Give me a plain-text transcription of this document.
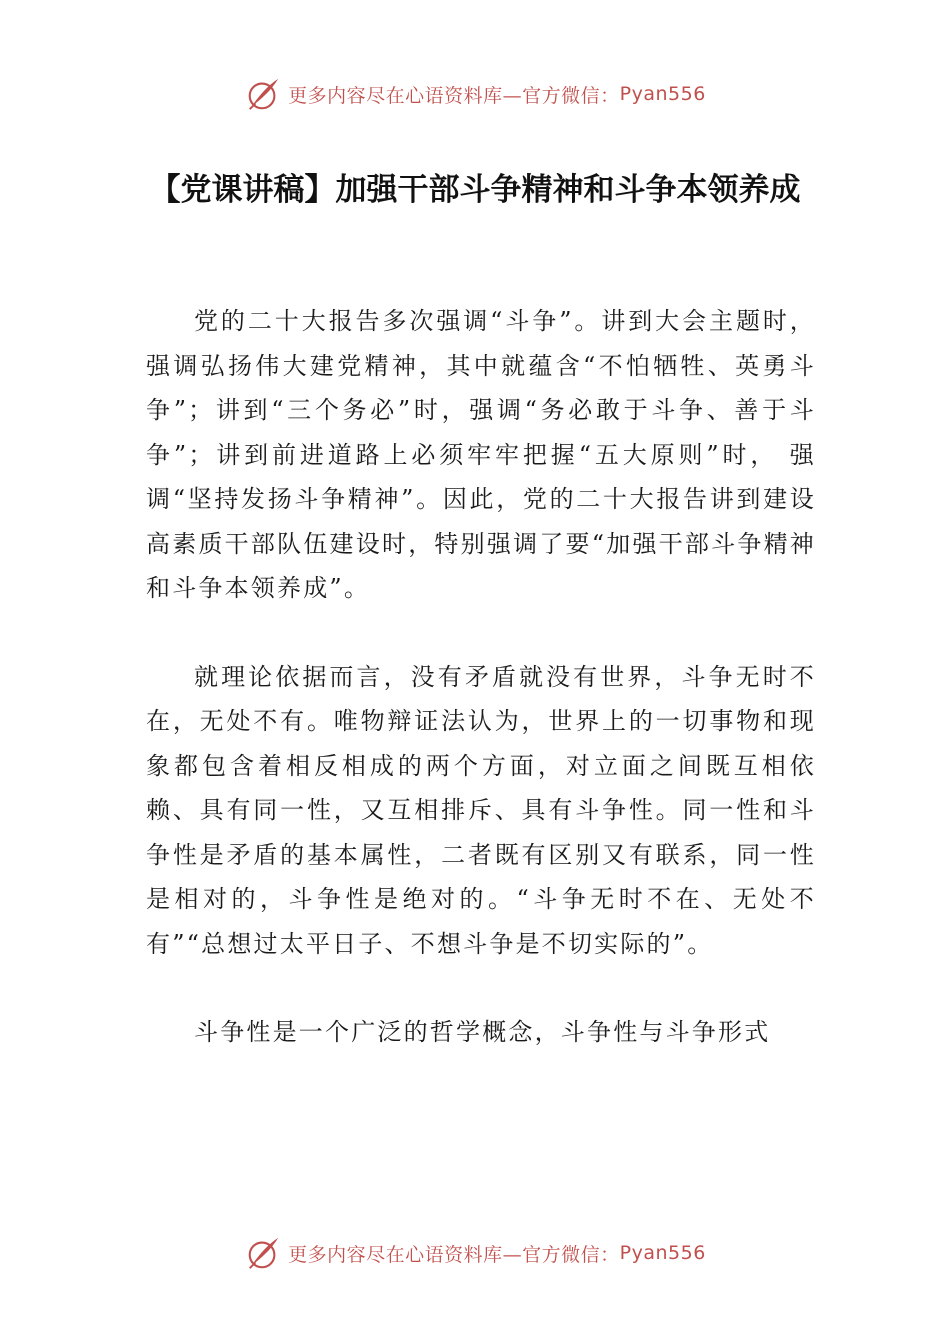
更多内容尽在心语资料库—官方微信： Pyan556
【党课讲稿】加强干部斗争精神和斗争本领养成

党的二十大报告多次强调“斗争”。讲到大会主题时，强调弘扬伟大建党精神，其中就蕴含“不怕牺牲、英勇斗争”；讲到“三个务必”时，强调“务必敢于斗争、善于斗争”；讲到前进道路上必须牢牢把握“五大原则”时， 强调“坚持发扬斗争精神”。因此，党的二十大报告讲到建设高素质干部队伍建设时，特别强调了要“加强干部斗争精神和斗争本领养成”。

就理论依据而言，没有矛盾就没有世界，斗争无时不在，无处不有。唯物辩证法认为，世界上的一切事物和现象都包含着相反相成的两个方面，对立面之间既互相依赖、具有同一性，又互相排斥、具有斗争性。同一性和斗争性是矛盾的基本属性，二者既有区别又有联系，同一性是相对的，斗争性是绝对的。“斗争无时不在、无处不有”“总想过太平日子、不想斗争是不切实际的”。

斗争性是一个广泛的哲学概念，斗争性与斗争形式

更多内容尽在心语资料库—官方微信： Pyan556
